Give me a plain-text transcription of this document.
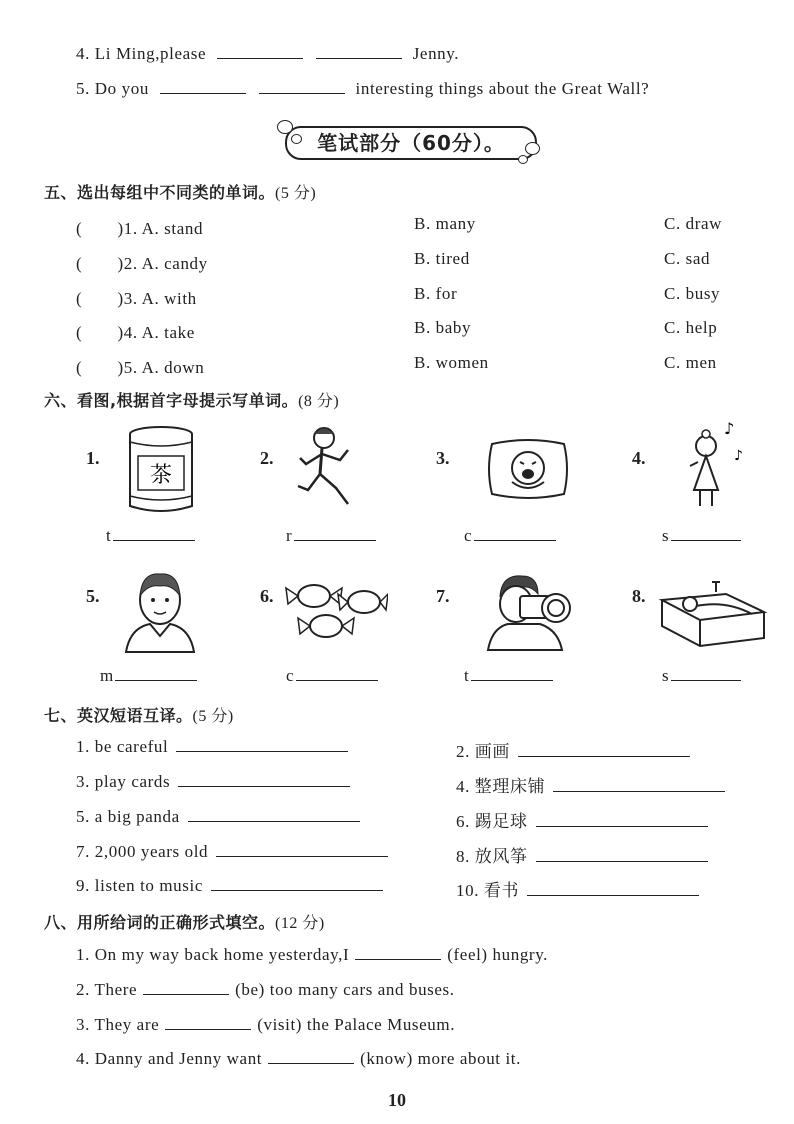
4. Li Ming,please	Jenny.
5. Do you	interesting things about the Great Wall?
笔试部分（60分）。
五、选出每组中不同类的单词。(5 分)
(　　)1. A. stand	B. many	C. draw
(　　)2. A. candy	B. tired	C. sad
(　　)3. A. with	B. for	C. busy
(　　)4. A. take	B. baby	C. help
(　　)5. A. down	B. women	C. men
六、看图,根据首字母提示写单词。(8 分)
1.
茶
t
2.
r
3.
c
4.
♪
♪
s
5.
m
6.
c
7.
t
8.
s
七、英汉短语互译。(5 分)
1. be careful	2. 画画
3. play cards	4. 整理床铺
5. a big panda	6. 踢足球
7. 2,000 years old	8. 放风筝
9. listen to music	10. 看书
八、用所给词的正确形式填空。(12 分)
1. On my way back home yesterday,I	(feel) hungry.
2. There	(be) too many cars and buses.
3. They are	(visit) the Palace Museum.
4. Danny and Jenny want	(know) more about it.
10
